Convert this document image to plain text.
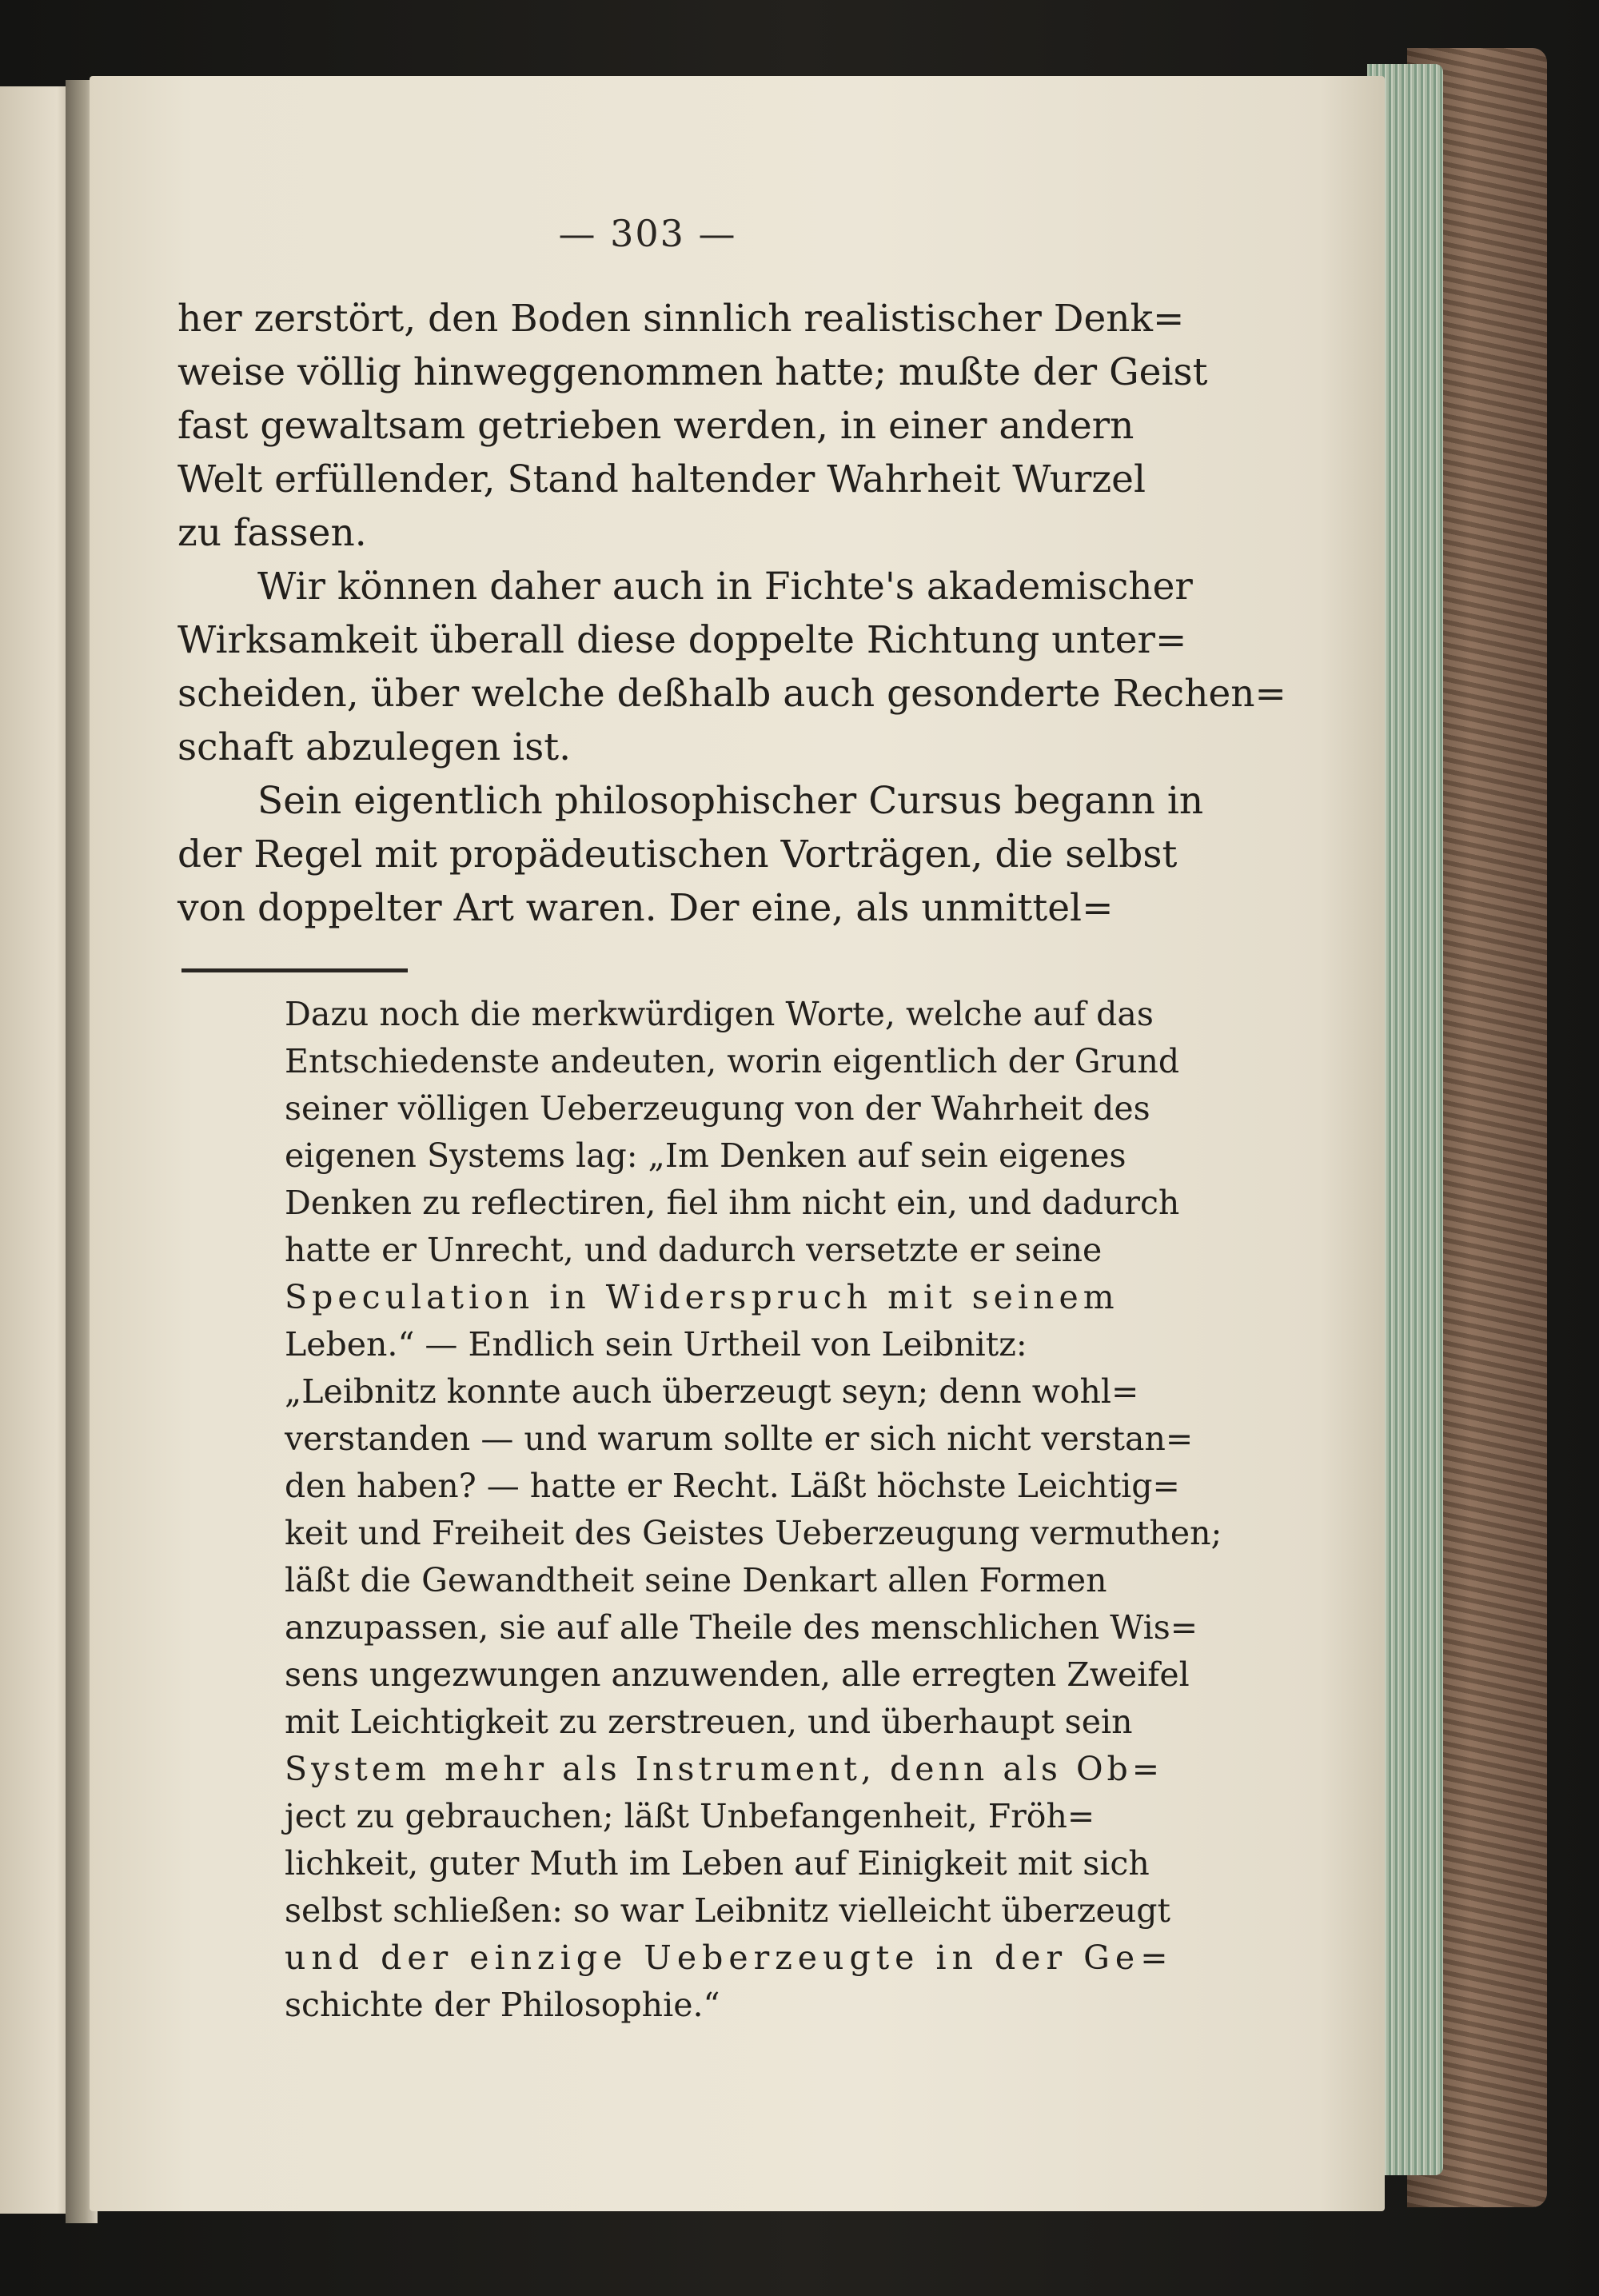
— 303 —
her zerstört, den Boden sinnlich realistischer Denk=
weise völlig hinweggenommen hatte; mußte der Geist
fast gewaltsam getrieben werden, in einer andern
Welt erfüllender, Stand haltender Wahrheit Wurzel
zu fassen.
Wir können daher auch in Fichte's akademischer
Wirksamkeit überall diese doppelte Richtung unter=
scheiden, über welche deßhalb auch gesonderte Rechen=
schaft abzulegen ist.
Sein eigentlich philosophischer Cursus begann in
der Regel mit propädeutischen Vorträgen, die selbst
von doppelter Art waren. Der eine, als unmittel=
Dazu noch die merkwürdigen Worte, welche auf das
Entschiedenste andeuten, worin eigentlich der Grund
seiner völligen Ueberzeugung von der Wahrheit des
eigenen Systems lag: „Im Denken auf sein eigenes
Denken zu reflectiren, fiel ihm nicht ein, und dadurch
hatte er Unrecht, und dadurch versetzte er seine
Speculation in Widerspruch mit seinem
Leben.“ — Endlich sein Urtheil von Leibnitz:
„Leibnitz konnte auch überzeugt seyn; denn wohl=
verstanden — und warum sollte er sich nicht verstan=
den haben? — hatte er Recht. Läßt höchste Leichtig=
keit und Freiheit des Geistes Ueberzeugung vermuthen;
läßt die Gewandtheit seine Denkart allen Formen
anzupassen, sie auf alle Theile des menschlichen Wis=
sens ungezwungen anzuwenden, alle erregten Zweifel
mit Leichtigkeit zu zerstreuen, und überhaupt sein
System mehr als Instrument, denn als Ob=
ject zu gebrauchen; läßt Unbefangenheit, Fröh=
lichkeit, guter Muth im Leben auf Einigkeit mit sich
selbst schließen: so war Leibnitz vielleicht überzeugt
und der einzige Ueberzeugte in der Ge=
schichte der Philosophie.“
